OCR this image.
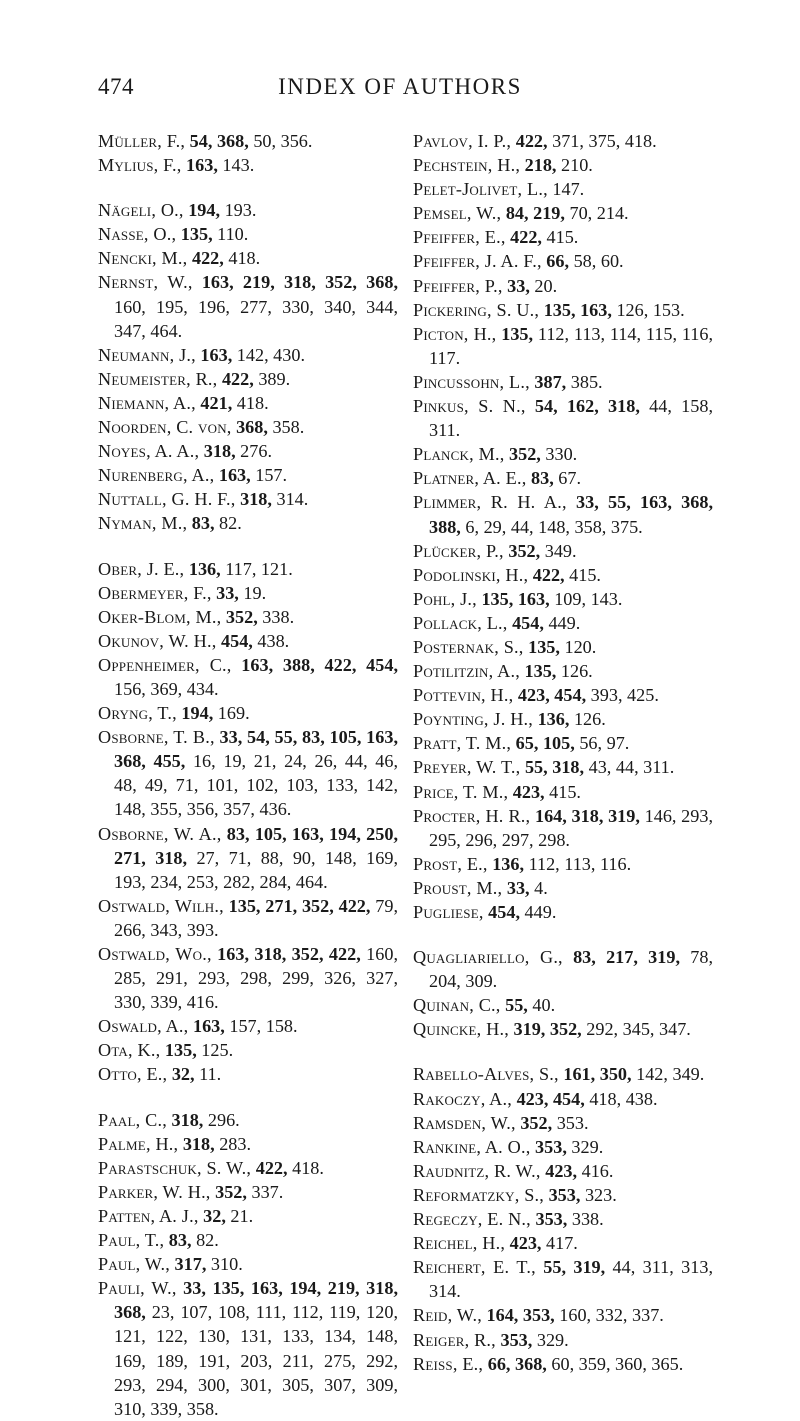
474	INDEX OF AUTHORS
Müller, F., 54, 368, 50, 356.
Mylius, F., 163, 143.
Nägeli, O., 194, 193.
Nasse, O., 135, 110.
Nencki, M., 422, 418.
Nernst, W., 163, 219, 318, 352, 368, 160, 195, 196, 277, 330, 340, 344, 347, 464.
Neumann, J., 163, 142, 430.
Neumeister, R., 422, 389.
Niemann, A., 421, 418.
Noorden, C. von, 368, 358.
Noyes, A. A., 318, 276.
Nurenberg, A., 163, 157.
Nuttall, G. H. F., 318, 314.
Nyman, M., 83, 82.
Ober, J. E., 136, 117, 121.
Obermeyer, F., 33, 19.
Oker-Blom, M., 352, 338.
Okunov, W. H., 454, 438.
Oppenheimer, C., 163, 388, 422, 454, 156, 369, 434.
Oryng, T., 194, 169.
Osborne, T. B., 33, 54, 55, 83, 105, 163, 368, 455, 16, 19, 21, 24, 26, 44, 46, 48, 49, 71, 101, 102, 103, 133, 142, 148, 355, 356, 357, 436.
Osborne, W. A., 83, 105, 163, 194, 250, 271, 318, 27, 71, 88, 90, 148, 169, 193, 234, 253, 282, 284, 464.
Ostwald, Wilh., 135, 271, 352, 422, 79, 266, 343, 393.
Ostwald, Wo., 163, 318, 352, 422, 160, 285, 291, 293, 298, 299, 326, 327, 330, 339, 416.
Oswald, A., 163, 157, 158.
Ota, K., 135, 125.
Otto, E., 32, 11.
Paal, C., 318, 296.
Palme, H., 318, 283.
Parastschuk, S. W., 422, 418.
Parker, W. H., 352, 337.
Patten, A. J., 32, 21.
Paul, T., 83, 82.
Paul, W., 317, 310.
Pauli, W., 33, 135, 163, 194, 219, 318, 368, 23, 107, 108, 111, 112, 119, 120, 121, 122, 130, 131, 133, 134, 148, 169, 189, 191, 203, 211, 275, 292, 293, 294, 300, 301, 305, 307, 309, 310, 339, 358.
Pavlov, I. P., 422, 371, 375, 418.
Pechstein, H., 218, 210.
Pelet-Jolivet, L., 147.
Pemsel, W., 84, 219, 70, 214.
Pfeiffer, E., 422, 415.
Pfeiffer, J. A. F., 66, 58, 60.
Pfeiffer, P., 33, 20.
Pickering, S. U., 135, 163, 126, 153.
Picton, H., 135, 112, 113, 114, 115, 116, 117.
Pincussohn, L., 387, 385.
Pinkus, S. N., 54, 162, 318, 44, 158, 311.
Planck, M., 352, 330.
Platner, A. E., 83, 67.
Plimmer, R. H. A., 33, 55, 163, 368, 388, 6, 29, 44, 148, 358, 375.
Plücker, P., 352, 349.
Podolinski, H., 422, 415.
Pohl, J., 135, 163, 109, 143.
Pollack, L., 454, 449.
Posternak, S., 135, 120.
Potilitzin, A., 135, 126.
Pottevin, H., 423, 454, 393, 425.
Poynting, J. H., 136, 126.
Pratt, T. M., 65, 105, 56, 97.
Preyer, W. T., 55, 318, 43, 44, 311.
Price, T. M., 423, 415.
Procter, H. R., 164, 318, 319, 146, 293, 295, 296, 297, 298.
Prost, E., 136, 112, 113, 116.
Proust, M., 33, 4.
Pugliese, 454, 449.
Quagliariello, G., 83, 217, 319, 78, 204, 309.
Quinan, C., 55, 40.
Quincke, H., 319, 352, 292, 345, 347.
Rabello-Alves, S., 161, 350, 142, 349.
Rakoczy, A., 423, 454, 418, 438.
Ramsden, W., 352, 353.
Rankine, A. O., 353, 329.
Raudnitz, R. W., 423, 416.
Reformatzky, S., 353, 323.
Regeczy, E. N., 353, 338.
Reichel, H., 423, 417.
Reichert, E. T., 55, 319, 44, 311, 313, 314.
Reid, W., 164, 353, 160, 332, 337.
Reiger, R., 353, 329.
Reiss, E., 66, 368, 60, 359, 360, 365.
